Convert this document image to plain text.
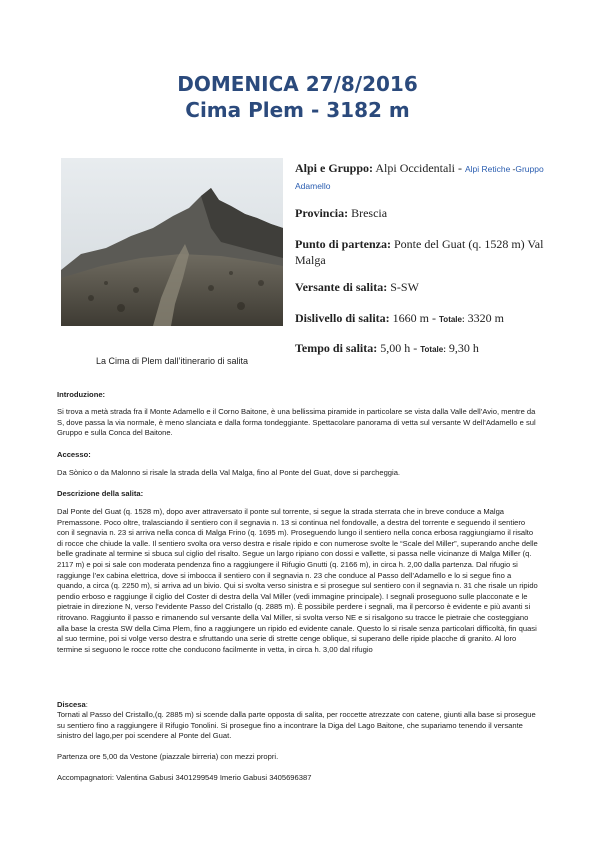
DOMENICA 27/8/2016
Cima Plem - 3182 m
La Cima di Plem dall’itinerario di salita
Alpi e Gruppo: Alpi Occidentali - Alpi Retiche -Gruppo Adamello
Provincia: Brescia
Punto di partenza: Ponte del Guat (q. 1528 m) Val Malga
Versante di salita: S-SW
Dislivello di salita: 1660 m - Totale: 3320 m
Tempo di salita: 5,00 h - Totale: 9,30 h
Introduzione:
Si trova a metà strada fra il Monte Adamello e il Corno Baitone, è una bellissima piramide in particolare se vista dalla Valle dell’Avio, mentre da S, dove passa la via normale, è meno slanciata e dalla forma tondeggiante. Spettacolare panorama di vetta sul versante W dell’Adamello e sul Gruppo e sulla Conca del Baitone.
Accesso:
Da Sònico o da Malonno si risale la strada della Val Malga, fino al Ponte del Guat, dove si parcheggia.
Descrizione della salita:
Dal Ponte del Guat (q. 1528 m), dopo aver attraversato il ponte sul torrente, si segue la strada sterrata che in breve conduce a Malga Premassone. Poco oltre, tralasciando il sentiero con il segnavia n. 13 si continua nel fondovalle, a destra del torrente e seguendo il sentiero con il segnavia n. 23 si arriva nella conca di Malga Frino (q. 1695 m). Proseguendo lungo il sentiero nella conca erbosa raggiungiamo il risalto di rocce che chiude la valle. Il sentiero svolta ora verso destra e risale ripido e con numerose svolte le “Scale del Miller”, superando anche delle belle gradinate al termine si sbuca sul ciglio del risalto. Segue un largo ripiano con dossi e vallette, si passa nelle vicinanze di Malga Miller (q. 2117 m) e poi si sale con moderata pendenza fino a raggiungere il Rifugio Gnutti (q. 2166 m), in circa h. 2,00 dalla partenza. Dal rifugio si raggiunge l’ex cabina elettrica, dove si imbocca il sentiero con il segnavia n. 23 che conduce al Passo dell’Adamello e lo si segue fino a quando, a circa (q. 2250 m), si arriva ad un bivio. Qui si svolta verso sinistra e si prosegue sul sentiero con il segnavia n. 31 che risale un ripido pendio erboso e raggiunge il ciglio del Coster di destra della Val Miller (vedi immagine principale). I segnali proseguono sulle placconate e le pietraie in direzione N, verso l’evidente Passo del Cristallo (q. 2885 m). È possibile perdere i segnali, ma il percorso è evidente e più avanti si ritrovano. Raggiunto il passo e rimanendo sul versante della Val Miller, si svolta verso NE e si risalgono su tracce le pietraie che costeggiano alla base la cresta SW della Cima Plem, fino a raggiungere un ripido ed evidente canale. Questo lo si risale senza particolari difficoltà, fin quasi al suo termine, poi si volge verso destra e sfruttando una serie di strette cenge oblique, si superano delle ripide placche di granito. Al loro termine si seguono le rocce rotte che conducono facilmente in vetta, in circa h. 3,00 dal rifugio
Discesa:
Tornati al Passo del Cristallo,(q. 2885 m) si scende dalla parte opposta di salita, per roccette atrezzate con catene, giunti alla base si prosegue su sentiero fino a raggiungere il Rifugio Tonolini. Si prosegue fino a incontrare la Diga del Lago Baitone, che supariamo tenendo il versante sinistro del lago,per poi scendere al Ponte del Guat.
Partenza ore 5,00 da Vestone (piazzale birreria) con mezzi propri.
Accompagnatori: Valentina Gabusi 3401299549 Imerio Gabusi 3405696387
